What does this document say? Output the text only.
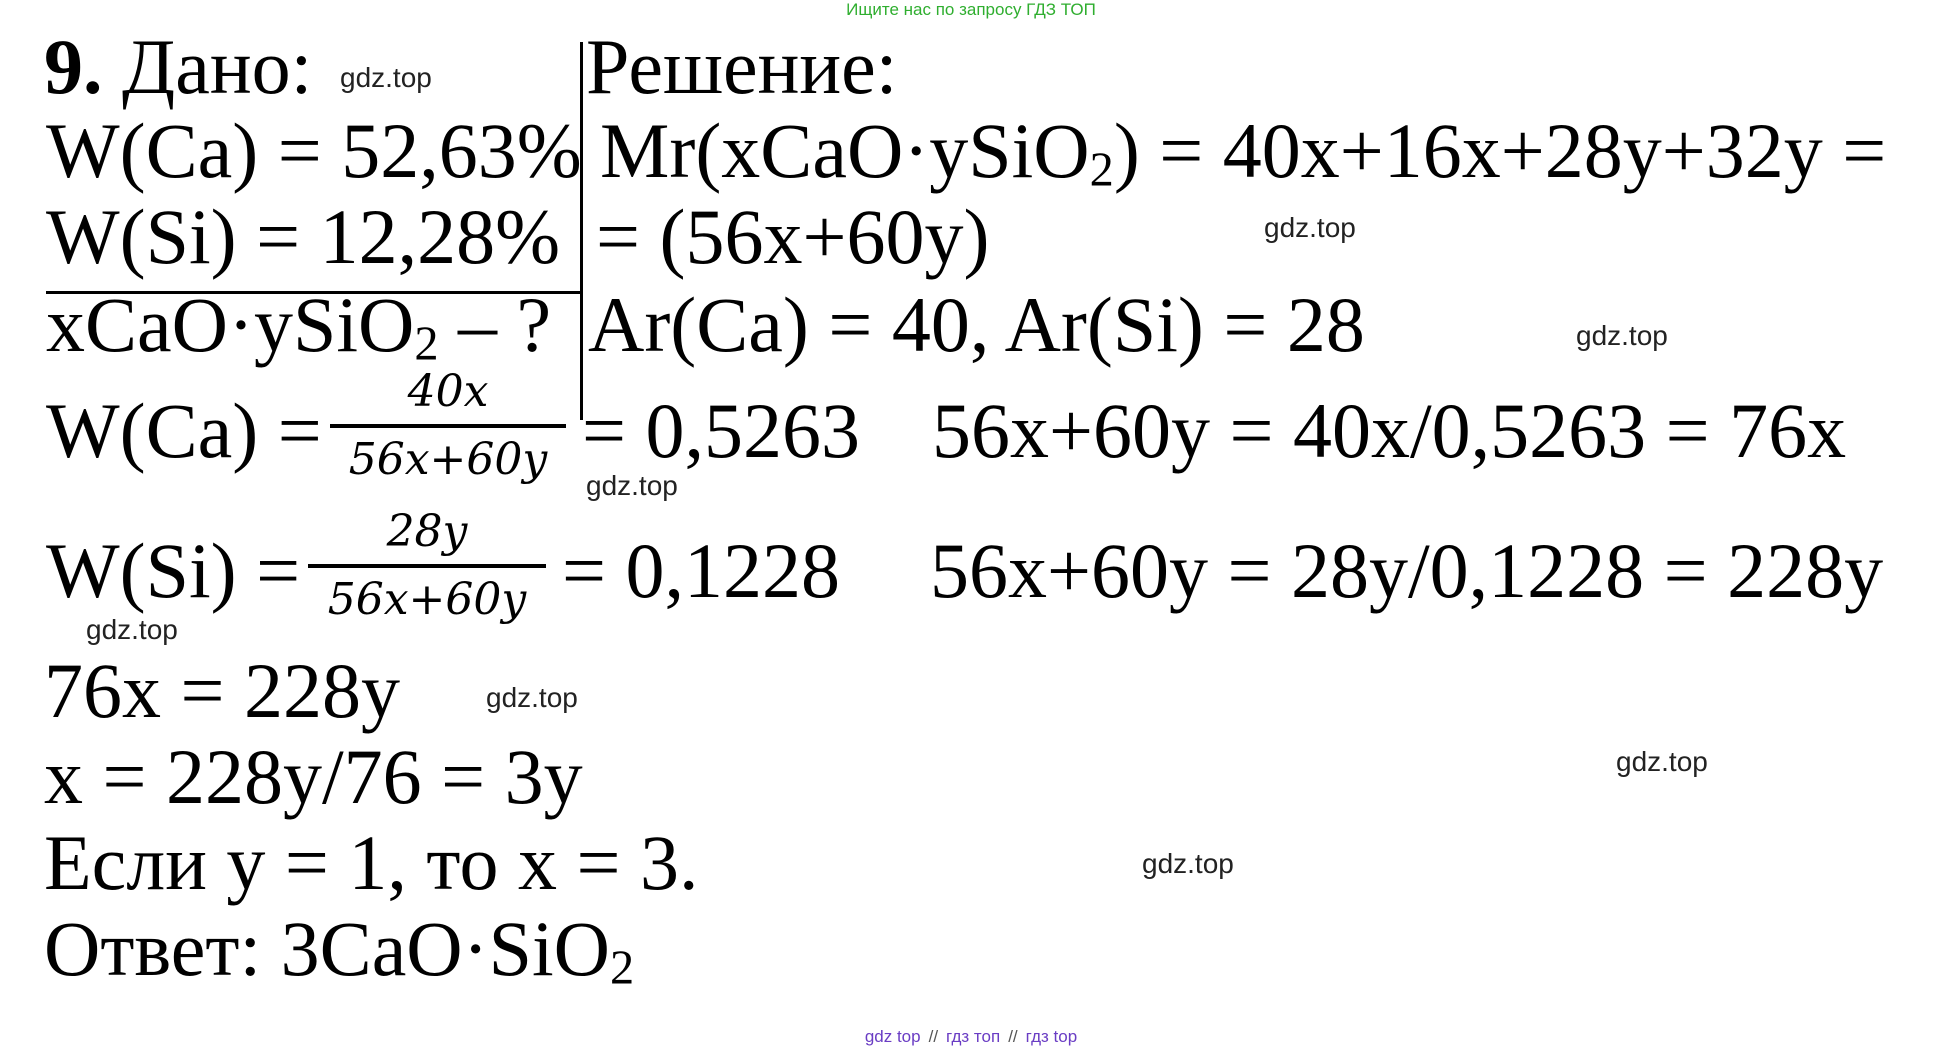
Ищите нас по запросу ГДЗ ТОП
9. Дано:	Решение:
W(Ca) = 52,63%
W(Si) = 12,28%
xCaO·ySiO$_2$ – ?
Mr(xCaO·ySiO$_2$) = 40x+16x+28y+32y =
= (56x+60y)
Ar(Ca) = 40, Ar(Si) = 28
W(Ca) =	40x
56x+60y = 0,5263 56x+60y = 40x/0,5263 = 76x
W(Si) =	28y
56x+60y = 0,1228 56x+60y = 28y/0,1228 = 228y
76x = 228y
x = 228y/76 = 3y
Если y = 1, то x = 3.
Ответ: 3CaO·SiO$_2$
gdz.top
gdz.top
gdz.top
gdz.top
gdz.top
gdz.top
gdz.top
gdz.top
gdz top // гдз топ // гдз top
